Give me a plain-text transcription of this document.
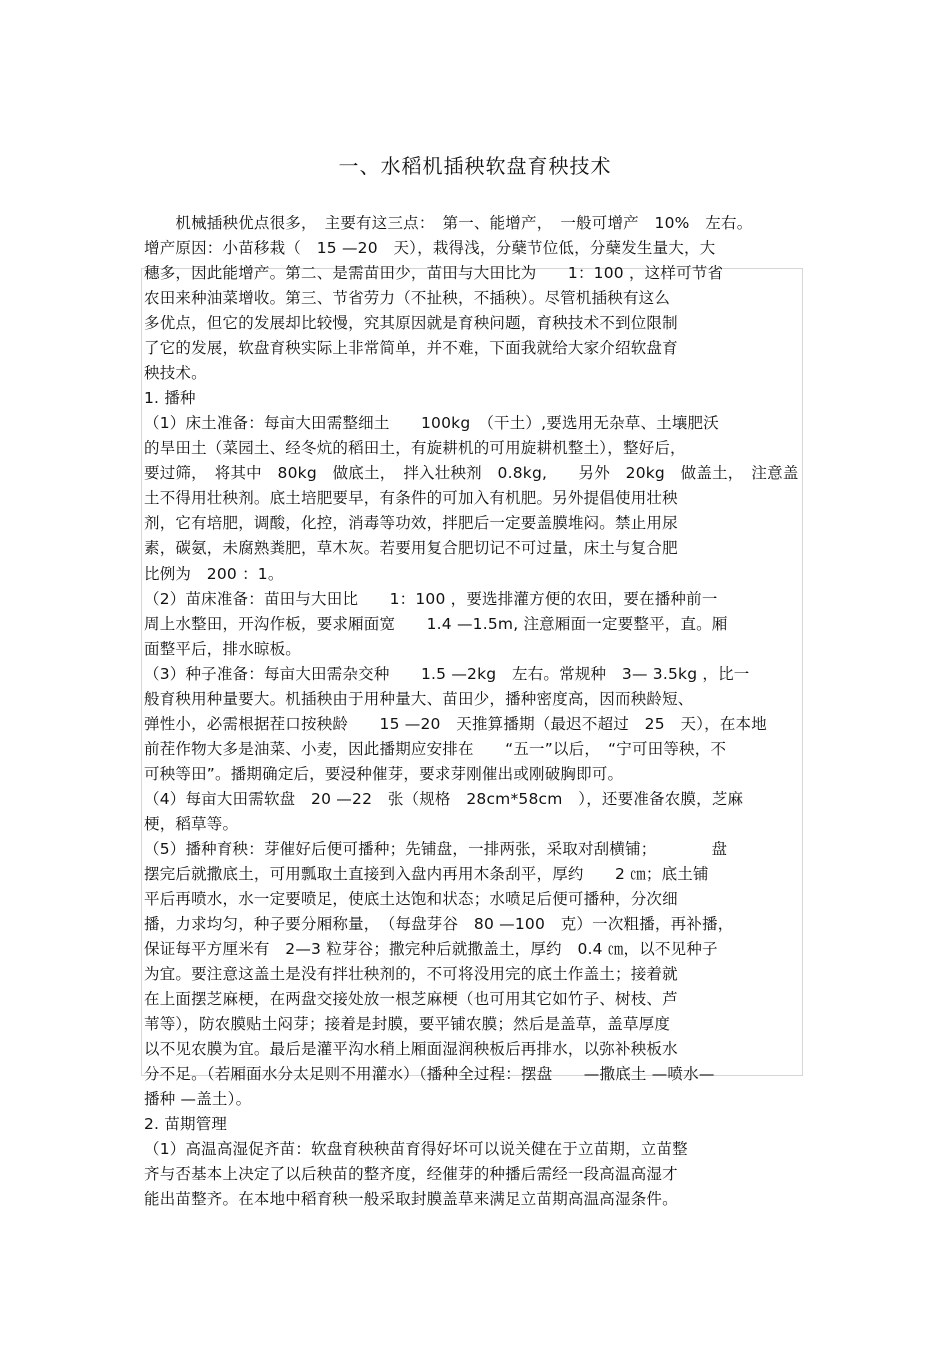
一、水稻机插秧软盘育秧技术
　　机械插秧优点很多，　主要有这三点：　第一、能增产，　一般可增产　10%　左右。
增产原因：小苗移栽（　15 —20　天），栽得浅，分蘖节位低，分蘖发生量大，大
穗多，因此能增产。第二、是需苗田少，苗田与大田比为　　1：100 ，这样可节省
农田来种油菜增收。第三、节省劳力（不扯秧，不插秧）。尽管机插秧有这么
多优点，但它的发展却比较慢，究其原因就是育秧问题，育秧技术不到位限制
了它的发展，软盘育秧实际上非常简单，并不难，下面我就给大家介绍软盘育
秧技术。
1. 播种
（1）床土准备：每亩大田需整细土　　100kg　（干土）,要选用无杂草、土壤肥沃
的旱田土（菜园土、经冬炕的稻田土，有旋耕机的可用旋耕机整土），整好后，
要过筛，　将其中　80kg　做底土，　拌入壮秧剂　0.8kg,　　另外　20kg　做盖土，　注意盖
土不得用壮秧剂。底土培肥要早，有条件的可加入有机肥。另外提倡使用壮秧
剂，它有培肥，调酸，化控，消毒等功效，拌肥后一定要盖膜堆闷。禁止用尿
素，碳氨，未腐熟粪肥，草木灰。若要用复合肥切记不可过量，床土与复合肥
比例为　200 ：1。
（2）苗床准备：苗田与大田比　　1：100 ，要选排灌方便的农田，要在播种前一
周上水整田，开沟作板，要求厢面宽　　1.4 —1.5m, 注意厢面一定要整平，直。厢
面整平后，排水晾板。
（3）种子准备：每亩大田需杂交种　　1.5 —2kg　左右。常规种　3— 3.5kg ，比一
般育秧用种量要大。机插秧由于用种量大、苗田少，播种密度高，因而秧龄短、
弹性小，必需根据茬口按秧龄　　15 —20　天推算播期（最迟不超过　25　天），在本地
前茬作物大多是油菜、小麦，因此播期应安排在　　“五一”以后，　“宁可田等秧，不
可秧等田”。播期确定后，要浸种催芽，要求芽刚催出或刚破胸即可。
（4）每亩大田需软盘　20 —22　张（规格　28cm*58cm　），还要准备农膜，芝麻
梗，稻草等。
（5）播种育秧：芽催好后便可播种；先铺盘，一排两张，采取对刮横铺；　　　　盘
摆完后就撒底土，可用瓢取土直接到入盘内再用木条刮平，厚约　　2 ㎝；底土铺
平后再喷水，水一定要喷足，使底土达饱和状态；水喷足后便可播种，分次细
播，力求均匀，种子要分厢称量，　（每盘芽谷　80 —100　克）一次粗播，再补播，
保证每平方厘米有　2—3 粒芽谷；撒完种后就撒盖土，厚约　0.4 ㎝，以不见种子
为宜。要注意这盖土是没有拌壮秧剂的，不可将没用完的底土作盖土；接着就
在上面摆芝麻梗，在两盘交接处放一根芝麻梗（也可用其它如竹子、树枝、芦
苇等），防农膜贴土闷芽；接着是封膜，要平铺农膜；然后是盖草，盖草厚度
以不见农膜为宜。最后是灌平沟水稍上厢面湿润秧板后再排水，以弥补秧板水
分不足。（若厢面水分太足则不用灌水）（播种全过程：摆盘　　—撒底土 —喷水—
播种 —盖土）。
2. 苗期管理
（1）高温高湿促齐苗：软盘育秧秧苗育得好坏可以说关健在于立苗期，立苗整
齐与否基本上决定了以后秧苗的整齐度，经催芽的种播后需经一段高温高湿才
能出苗整齐。在本地中稻育秧一般采取封膜盖草来满足立苗期高温高湿条件。
